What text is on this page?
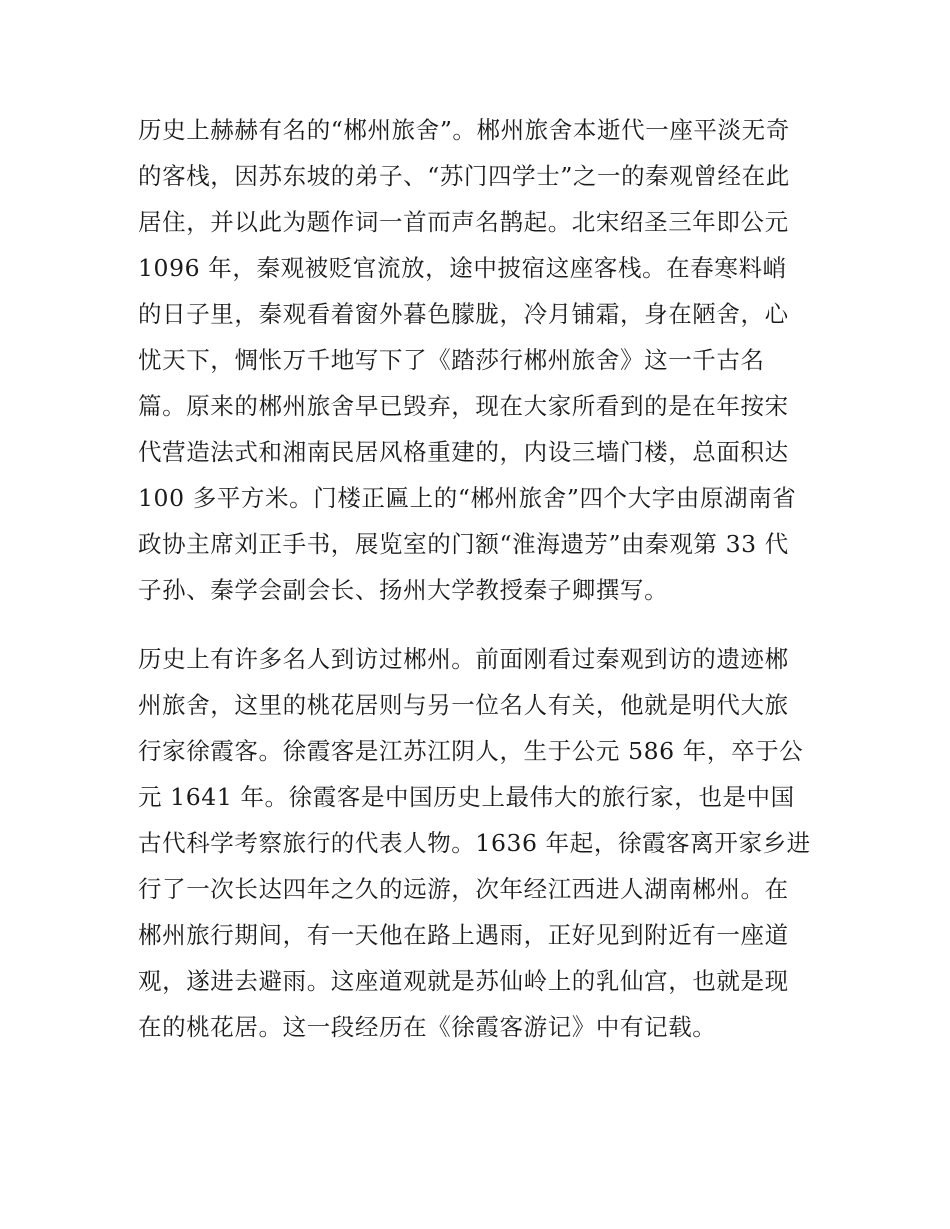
历史上赫赫有名的“郴州旅舍”。郴州旅舍本逝代一座平淡无奇
的客栈，因苏东坡的弟子、“苏门四学士”之一的秦观曾经在此
居住，并以此为题作词一首而声名鹊起。北宋绍圣三年即公元
1096 年，秦观被贬官流放，途中披宿这座客栈。在春寒料峭
的日子里，秦观看着窗外暮色朦胧，冷月铺霜，身在陋舍，心
忧天下，惆怅万千地写下了《踏莎行郴州旅舍》这一千古名
篇。原来的郴州旅舍早已毁弃，现在大家所看到的是在年按宋
代营造法式和湘南民居风格重建的，内设三墙门楼，总面积达
100 多平方米。门楼正匾上的“郴州旅舍”四个大字由原湖南省
政协主席刘正手书，展览室的门额“淮海遗芳”由秦观第 33 代
子孙、秦学会副会长、扬州大学教授秦子卿撰写。
历史上有许多名人到访过郴州。前面刚看过秦观到访的遗迹郴
州旅舍，这里的桃花居则与另一位名人有关，他就是明代大旅
行家徐霞客。徐霞客是江苏江阴人，生于公元 586 年，卒于公
元 1641 年。徐霞客是中国历史上最伟大的旅行家，也是中国
古代科学考察旅行的代表人物。1636 年起，徐霞客离开家乡进
行了一次长达四年之久的远游，次年经江西进人湖南郴州。在
郴州旅行期间，有一天他在路上遇雨，正好见到附近有一座道
观，遂进去避雨。这座道观就是苏仙岭上的乳仙宫，也就是现
在的桃花居。这一段经历在《徐霞客游记》中有记载。
